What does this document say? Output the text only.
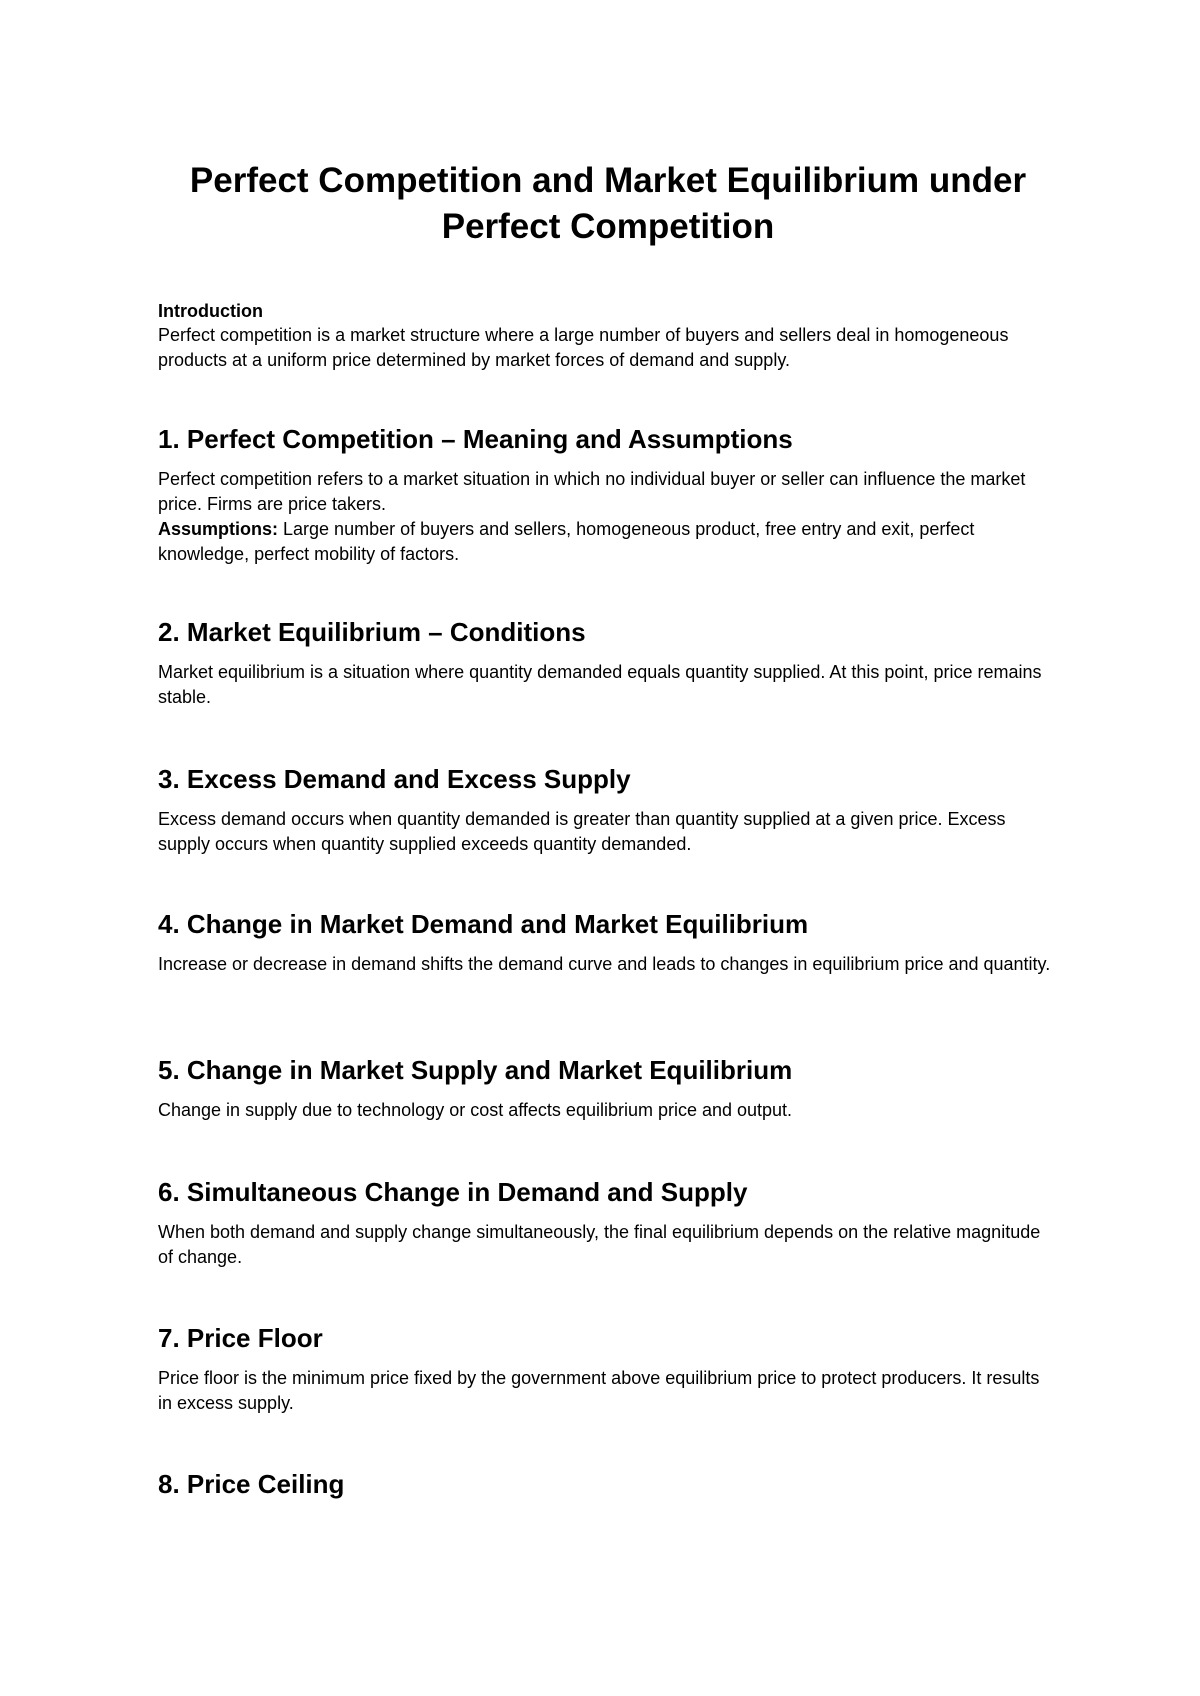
Perfect Competition and Market Equilibrium under Perfect Competition

Introduction

Perfect competition is a market structure where a large number of buyers and sellers deal in homogeneous products at a uniform price determined by market forces of demand and supply.

1. Perfect Competition – Meaning and Assumptions

Perfect competition refers to a market situation in which no individual buyer or seller can influence the market price. Firms are price takers.

Assumptions: Large number of buyers and sellers, homogeneous product, free entry and exit, perfect knowledge, perfect mobility of factors.

2. Market Equilibrium – Conditions

Market equilibrium is a situation where quantity demanded equals quantity supplied. At this point, price remains stable.

3. Excess Demand and Excess Supply

Excess demand occurs when quantity demanded is greater than quantity supplied at a given price. Excess supply occurs when quantity supplied exceeds quantity demanded.

4. Change in Market Demand and Market Equilibrium

Increase or decrease in demand shifts the demand curve and leads to changes in equilibrium price and quantity.

5. Change in Market Supply and Market Equilibrium

Change in supply due to technology or cost affects equilibrium price and output.

6. Simultaneous Change in Demand and Supply

When both demand and supply change simultaneously, the final equilibrium depends on the relative magnitude of change.

7. Price Floor

Price floor is the minimum price fixed by the government above equilibrium price to protect producers. It results in excess supply.

8. Price Ceiling
